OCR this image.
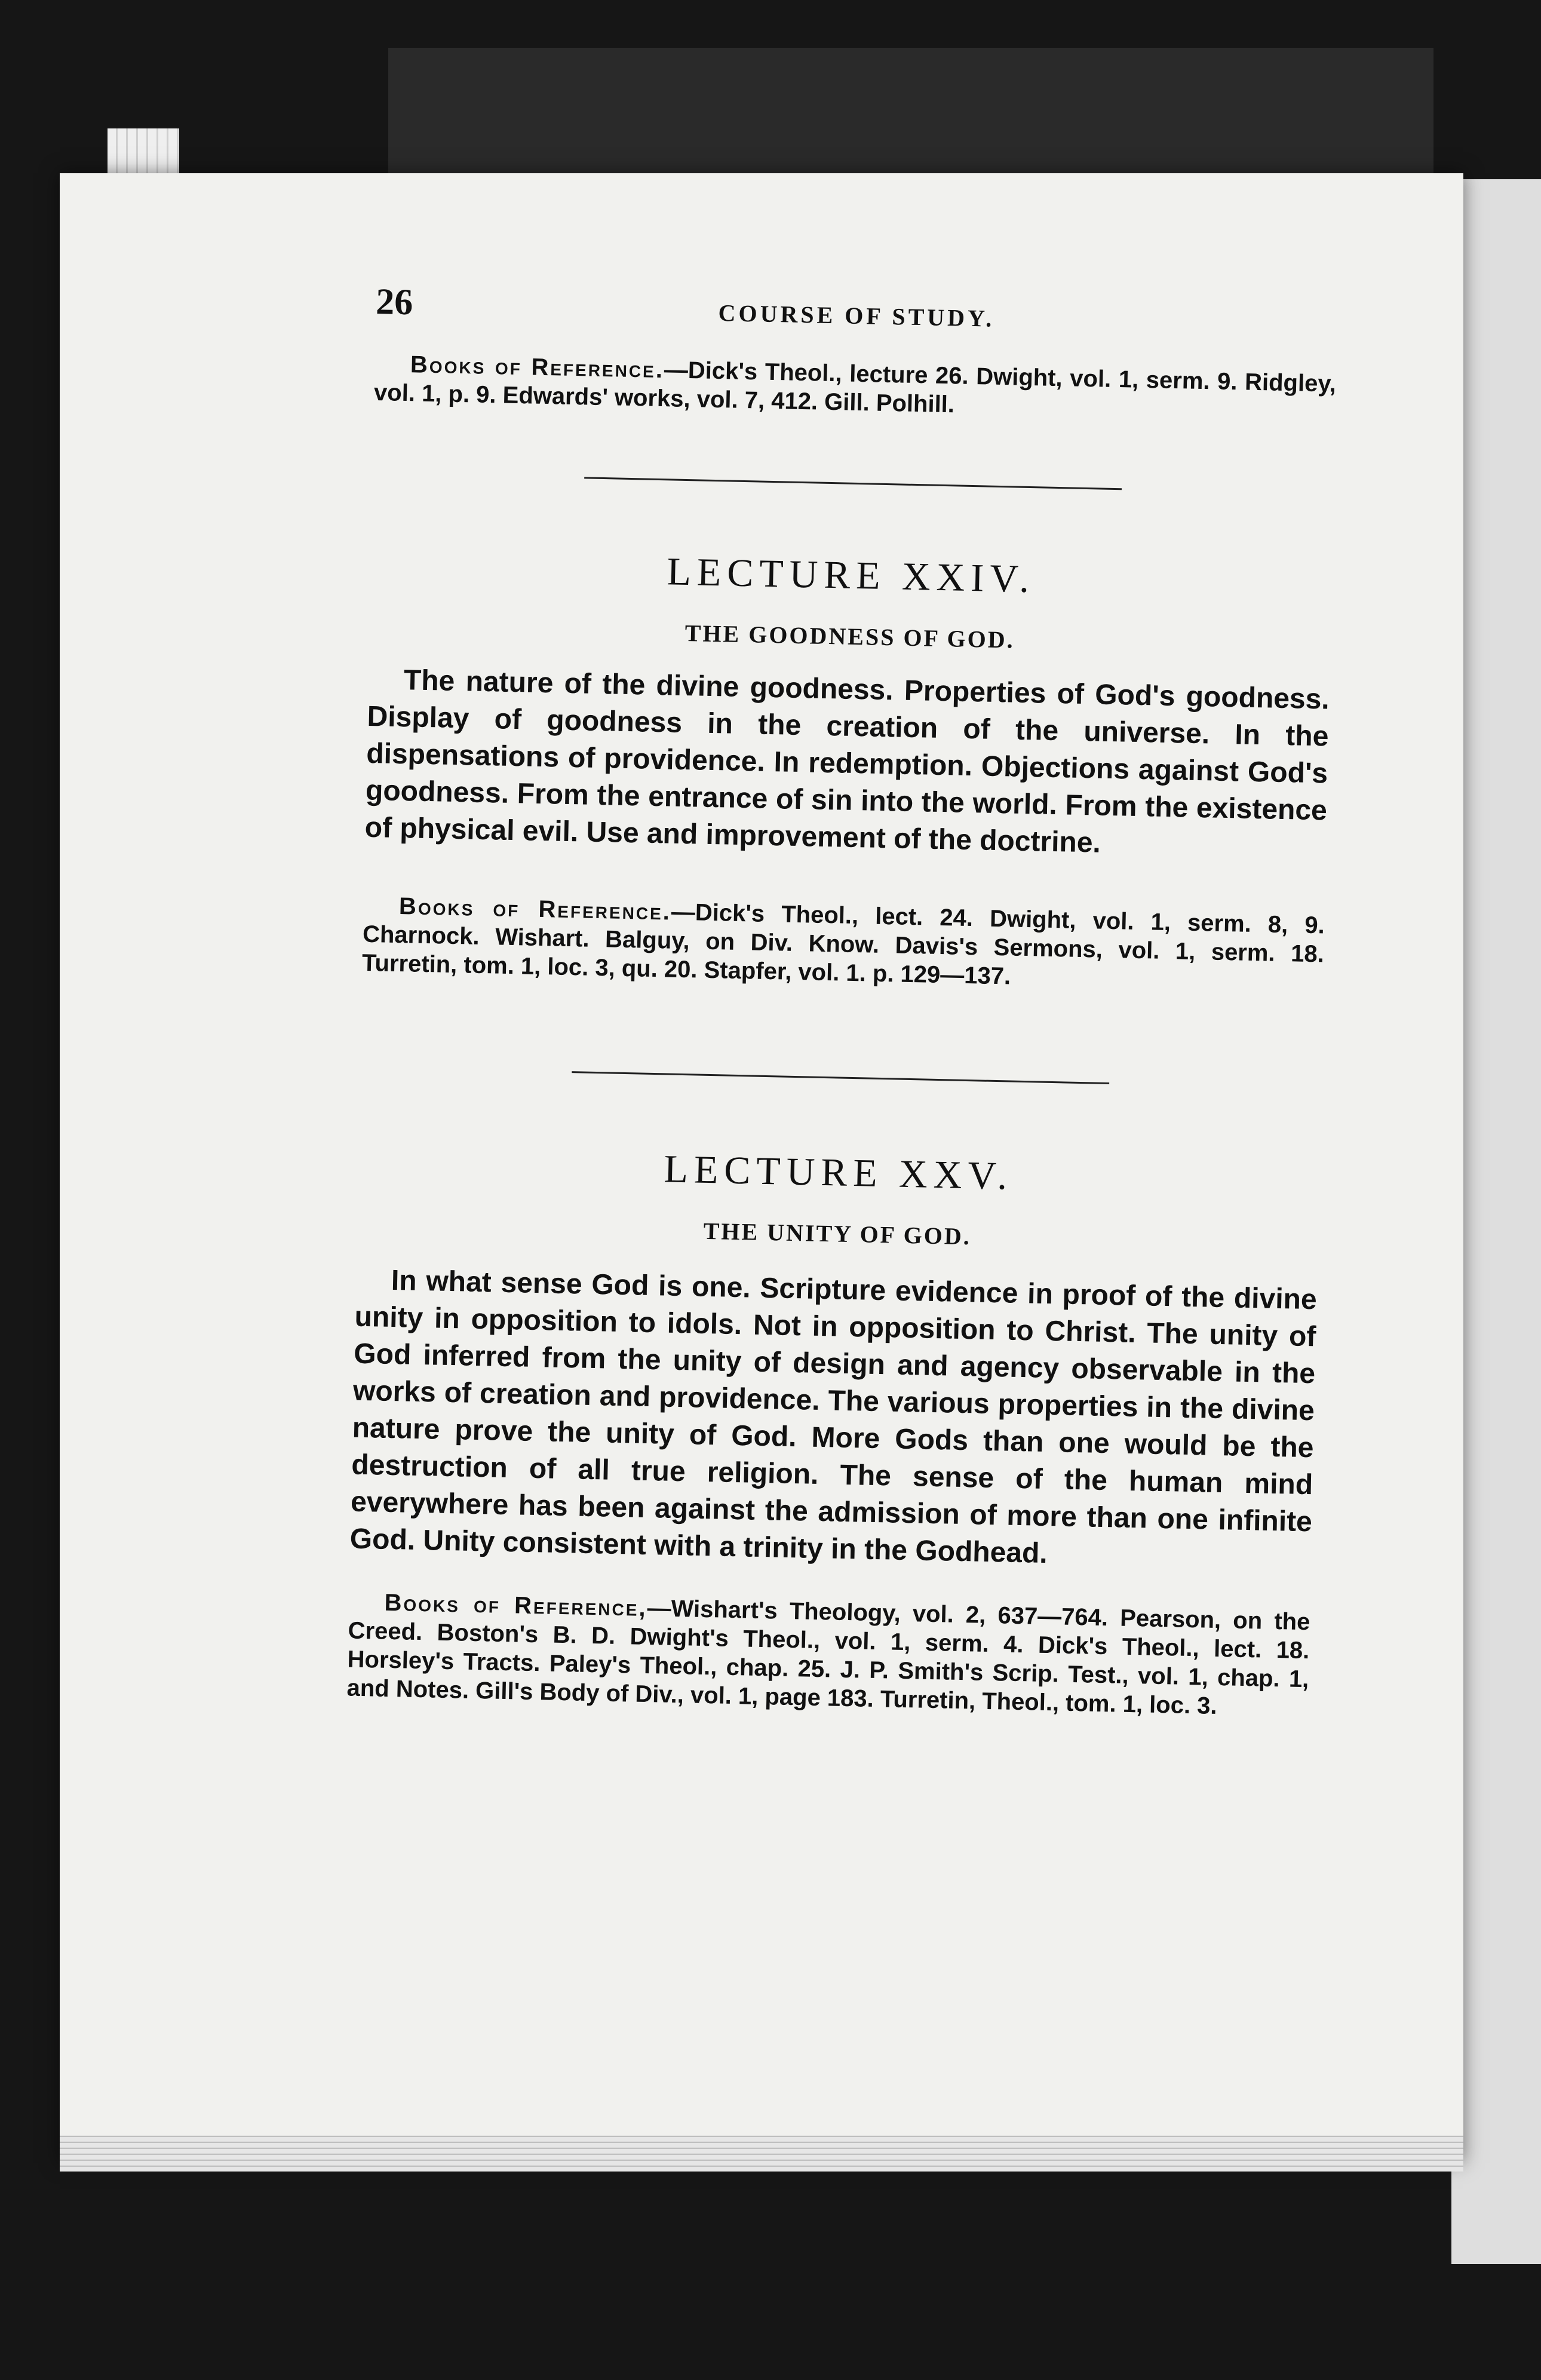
26	COURSE OF STUDY.

Books of Reference.—Dick's Theol., lecture 26. Dwight, vol. 1, serm. 9. Ridgley, vol. 1, p. 9. Edwards' works, vol. 7, 412. Gill. Polhill.

LECTURE XXIV.
THE GOODNESS OF GOD.

The nature of the divine goodness. Properties of God's goodness. Display of goodness in the creation of the universe. In the dispensations of providence. In redemption. Objections against God's goodness. From the entrance of sin into the world. From the existence of physical evil. Use and improvement of the doctrine.

Books of Reference.—Dick's Theol., lect. 24. Dwight, vol. 1, serm. 8, 9. Charnock. Wishart. Balguy, on Div. Know. Davis's Sermons, vol. 1, serm. 18. Turretin, tom. 1, loc. 3, qu. 20. Stapfer, vol. 1. p. 129—137.

LECTURE XXV.
THE UNITY OF GOD.

In what sense God is one. Scripture evidence in proof of the divine unity in opposition to idols. Not in opposition to Christ. The unity of God inferred from the unity of design and agency observable in the works of creation and providence. The various properties in the divine nature prove the unity of God. More Gods than one would be the destruction of all true religion. The sense of the human mind everywhere has been against the admission of more than one infinite God. Unity consistent with a trinity in the Godhead.

Books of Reference,—Wishart's Theology, vol. 2, 637—764. Pearson, on the Creed. Boston's B. D. Dwight's Theol., vol. 1, serm. 4. Dick's Theol., lect. 18. Horsley's Tracts. Paley's Theol., chap. 25. J. P. Smith's Scrip. Test., vol. 1, chap. 1, and Notes. Gill's Body of Div., vol. 1, page 183. Turretin, Theol., tom. 1, loc. 3.
